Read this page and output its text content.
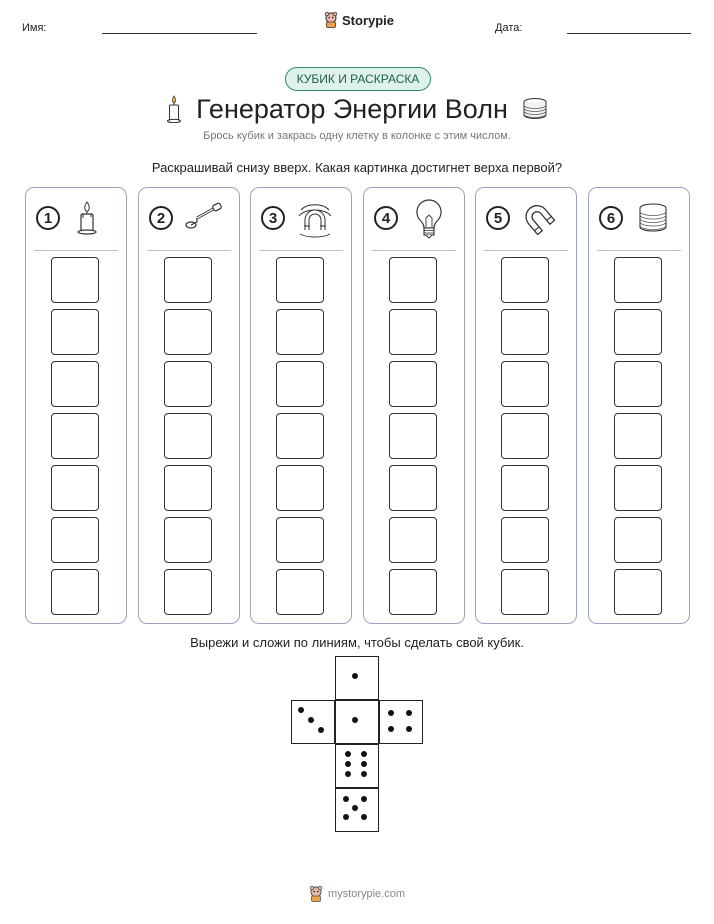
Имя:
Storypie
Дата:
КУБИК И РАСКРАСКА
Генератор Энергии Волн
Брось кубик и закрась одну клетку в колонке с этим числом.
Раскрашивай снизу вверх. Какая картинка достигнет верха первой?
1	2	3	4	5	6
Вырежи и сложи по линиям, чтобы сделать свой кубик.
mystorypie.com
